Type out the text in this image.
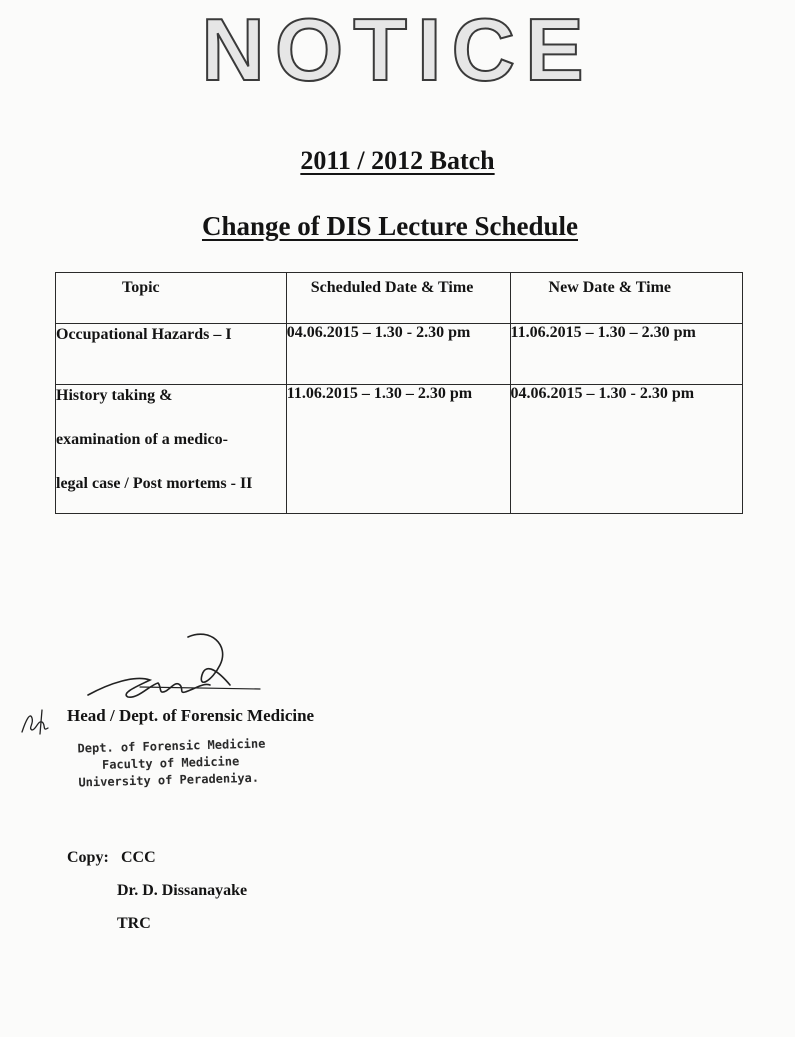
NOTICE
2011 / 2012 Batch
Change of DIS Lecture Schedule
Topic	Scheduled Date & Time	New Date & Time

Occupational Hazards – I	04.06.2015 – 1.30 - 2.30 pm	11.06.2015 – 1.30 – 2.30 pm

History taking &
examination of a medico-
legal case / Post mortems - II	11.06.2015 – 1.30 – 2.30 pm	04.06.2015 – 1.30 - 2.30 pm
Head / Dept. of Forensic Medicine
Dept. of Forensic Medicine
Faculty of Medicine
University of Peradeniya.
Copy: CCC
Dr. D. Dissanayake
TRC
